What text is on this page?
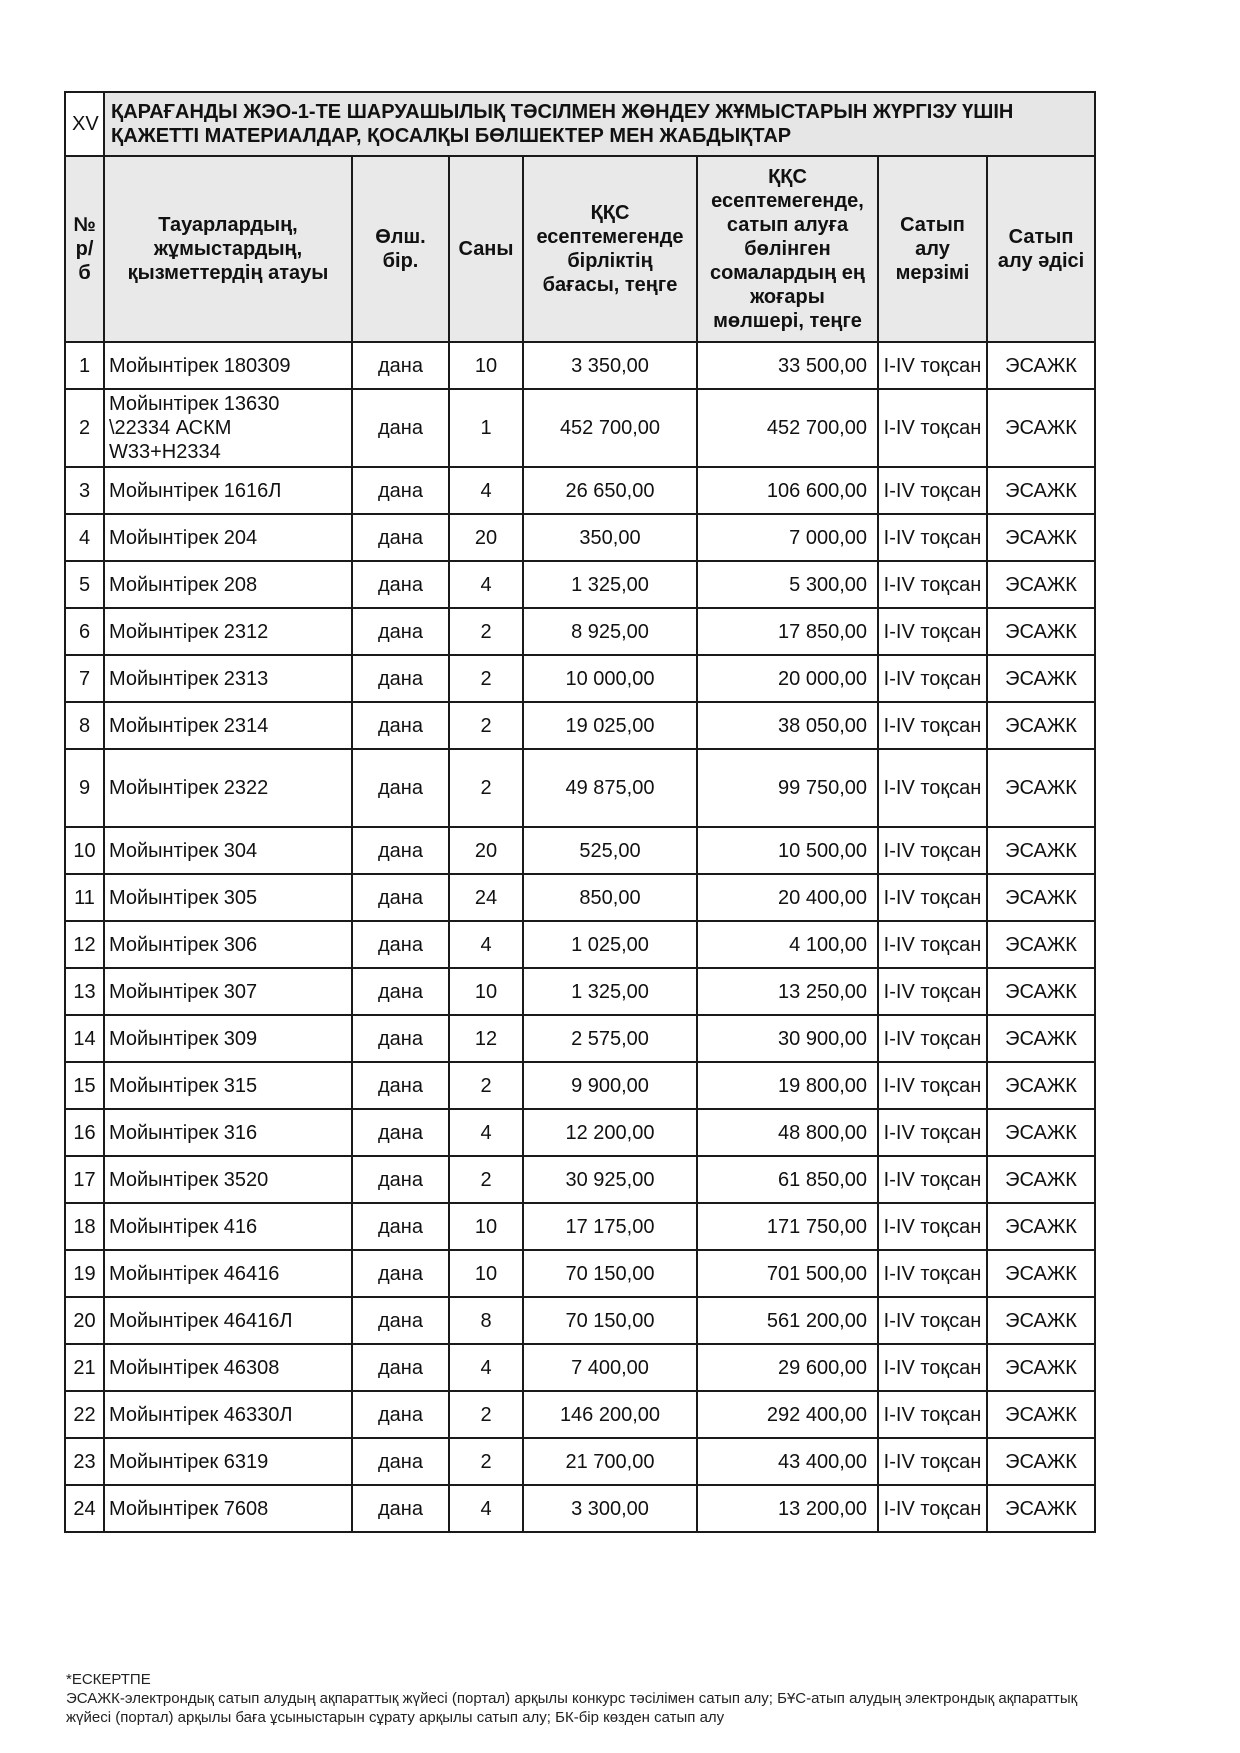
XV	ҚАРАҒАНДЫ ЖЭО-1-ТЕ ШАРУАШЫЛЫҚ ТӘСІЛМЕН ЖӨНДЕУ ЖҰМЫСТАРЫН ЖҮРГІЗУ ҮШІН ҚАЖЕТТІ МАТЕРИАЛДАР, ҚОСАЛҚЫ БӨЛШЕКТЕР МЕН ЖАБДЫҚТАР						
№ р/б	Тауарлардың, жұмыстардың, қызметтердің атауы	Өлш. бір.	Саны	ҚҚС есептемегенде бірліктің бағасы, теңге	ҚҚС есептемегенде, сатып алуға бөлінген сомалардың ең жоғары мөлшері, теңге	Сатып алу мерзімі	Сатып алу әдісі
1	Мойынтірек 180309	дана	10	3 350,00	33 500,00	I-IV тоқсан	ЭСАЖК
2	Мойынтірек 13630 \22334 АСКМ W33+H2334	дана	1	452 700,00	452 700,00	I-IV тоқсан	ЭСАЖК
3	Мойынтірек 1616Л	дана	4	26 650,00	106 600,00	I-IV тоқсан	ЭСАЖК
4	Мойынтірек 204	дана	20	350,00	7 000,00	I-IV тоқсан	ЭСАЖК
5	Мойынтірек 208	дана	4	1 325,00	5 300,00	I-IV тоқсан	ЭСАЖК
6	Мойынтірек 2312	дана	2	8 925,00	17 850,00	I-IV тоқсан	ЭСАЖК
7	Мойынтірек 2313	дана	2	10 000,00	20 000,00	I-IV тоқсан	ЭСАЖК
8	Мойынтірек 2314	дана	2	19 025,00	38 050,00	I-IV тоқсан	ЭСАЖК
9	Мойынтірек 2322	дана	2	49 875,00	99 750,00	I-IV тоқсан	ЭСАЖК
10	Мойынтірек 304	дана	20	525,00	10 500,00	I-IV тоқсан	ЭСАЖК
11	Мойынтірек 305	дана	24	850,00	20 400,00	I-IV тоқсан	ЭСАЖК
12	Мойынтірек 306	дана	4	1 025,00	4 100,00	I-IV тоқсан	ЭСАЖК
13	Мойынтірек 307	дана	10	1 325,00	13 250,00	I-IV тоқсан	ЭСАЖК
14	Мойынтірек 309	дана	12	2 575,00	30 900,00	I-IV тоқсан	ЭСАЖК
15	Мойынтірек 315	дана	2	9 900,00	19 800,00	I-IV тоқсан	ЭСАЖК
16	Мойынтірек 316	дана	4	12 200,00	48 800,00	I-IV тоқсан	ЭСАЖК
17	Мойынтірек 3520	дана	2	30 925,00	61 850,00	I-IV тоқсан	ЭСАЖК
18	Мойынтірек 416	дана	10	17 175,00	171 750,00	I-IV тоқсан	ЭСАЖК
19	Мойынтірек 46416	дана	10	70 150,00	701 500,00	I-IV тоқсан	ЭСАЖК
20	Мойынтірек 46416Л	дана	8	70 150,00	561 200,00	I-IV тоқсан	ЭСАЖК
21	Мойынтірек 46308	дана	4	7 400,00	29 600,00	I-IV тоқсан	ЭСАЖК
22	Мойынтірек 46330Л	дана	2	146 200,00	292 400,00	I-IV тоқсан	ЭСАЖК
23	Мойынтірек 6319	дана	2	21 700,00	43 400,00	I-IV тоқсан	ЭСАЖК
24	Мойынтірек 7608	дана	4	3 300,00	13 200,00	I-IV тоқсан	ЭСАЖК
*ЕСКЕРТПЕ
ЭСАЖК-электрондық сатып алудың ақпараттық жүйесі (портал) арқылы конкурс тәсілімен сатып алу; БҰС-атып алудың электрондық ақпараттық жүйесі (портал) арқылы баға ұсыныстарын сұрату арқылы сатып алу; БК-бір көзден сатып алу
